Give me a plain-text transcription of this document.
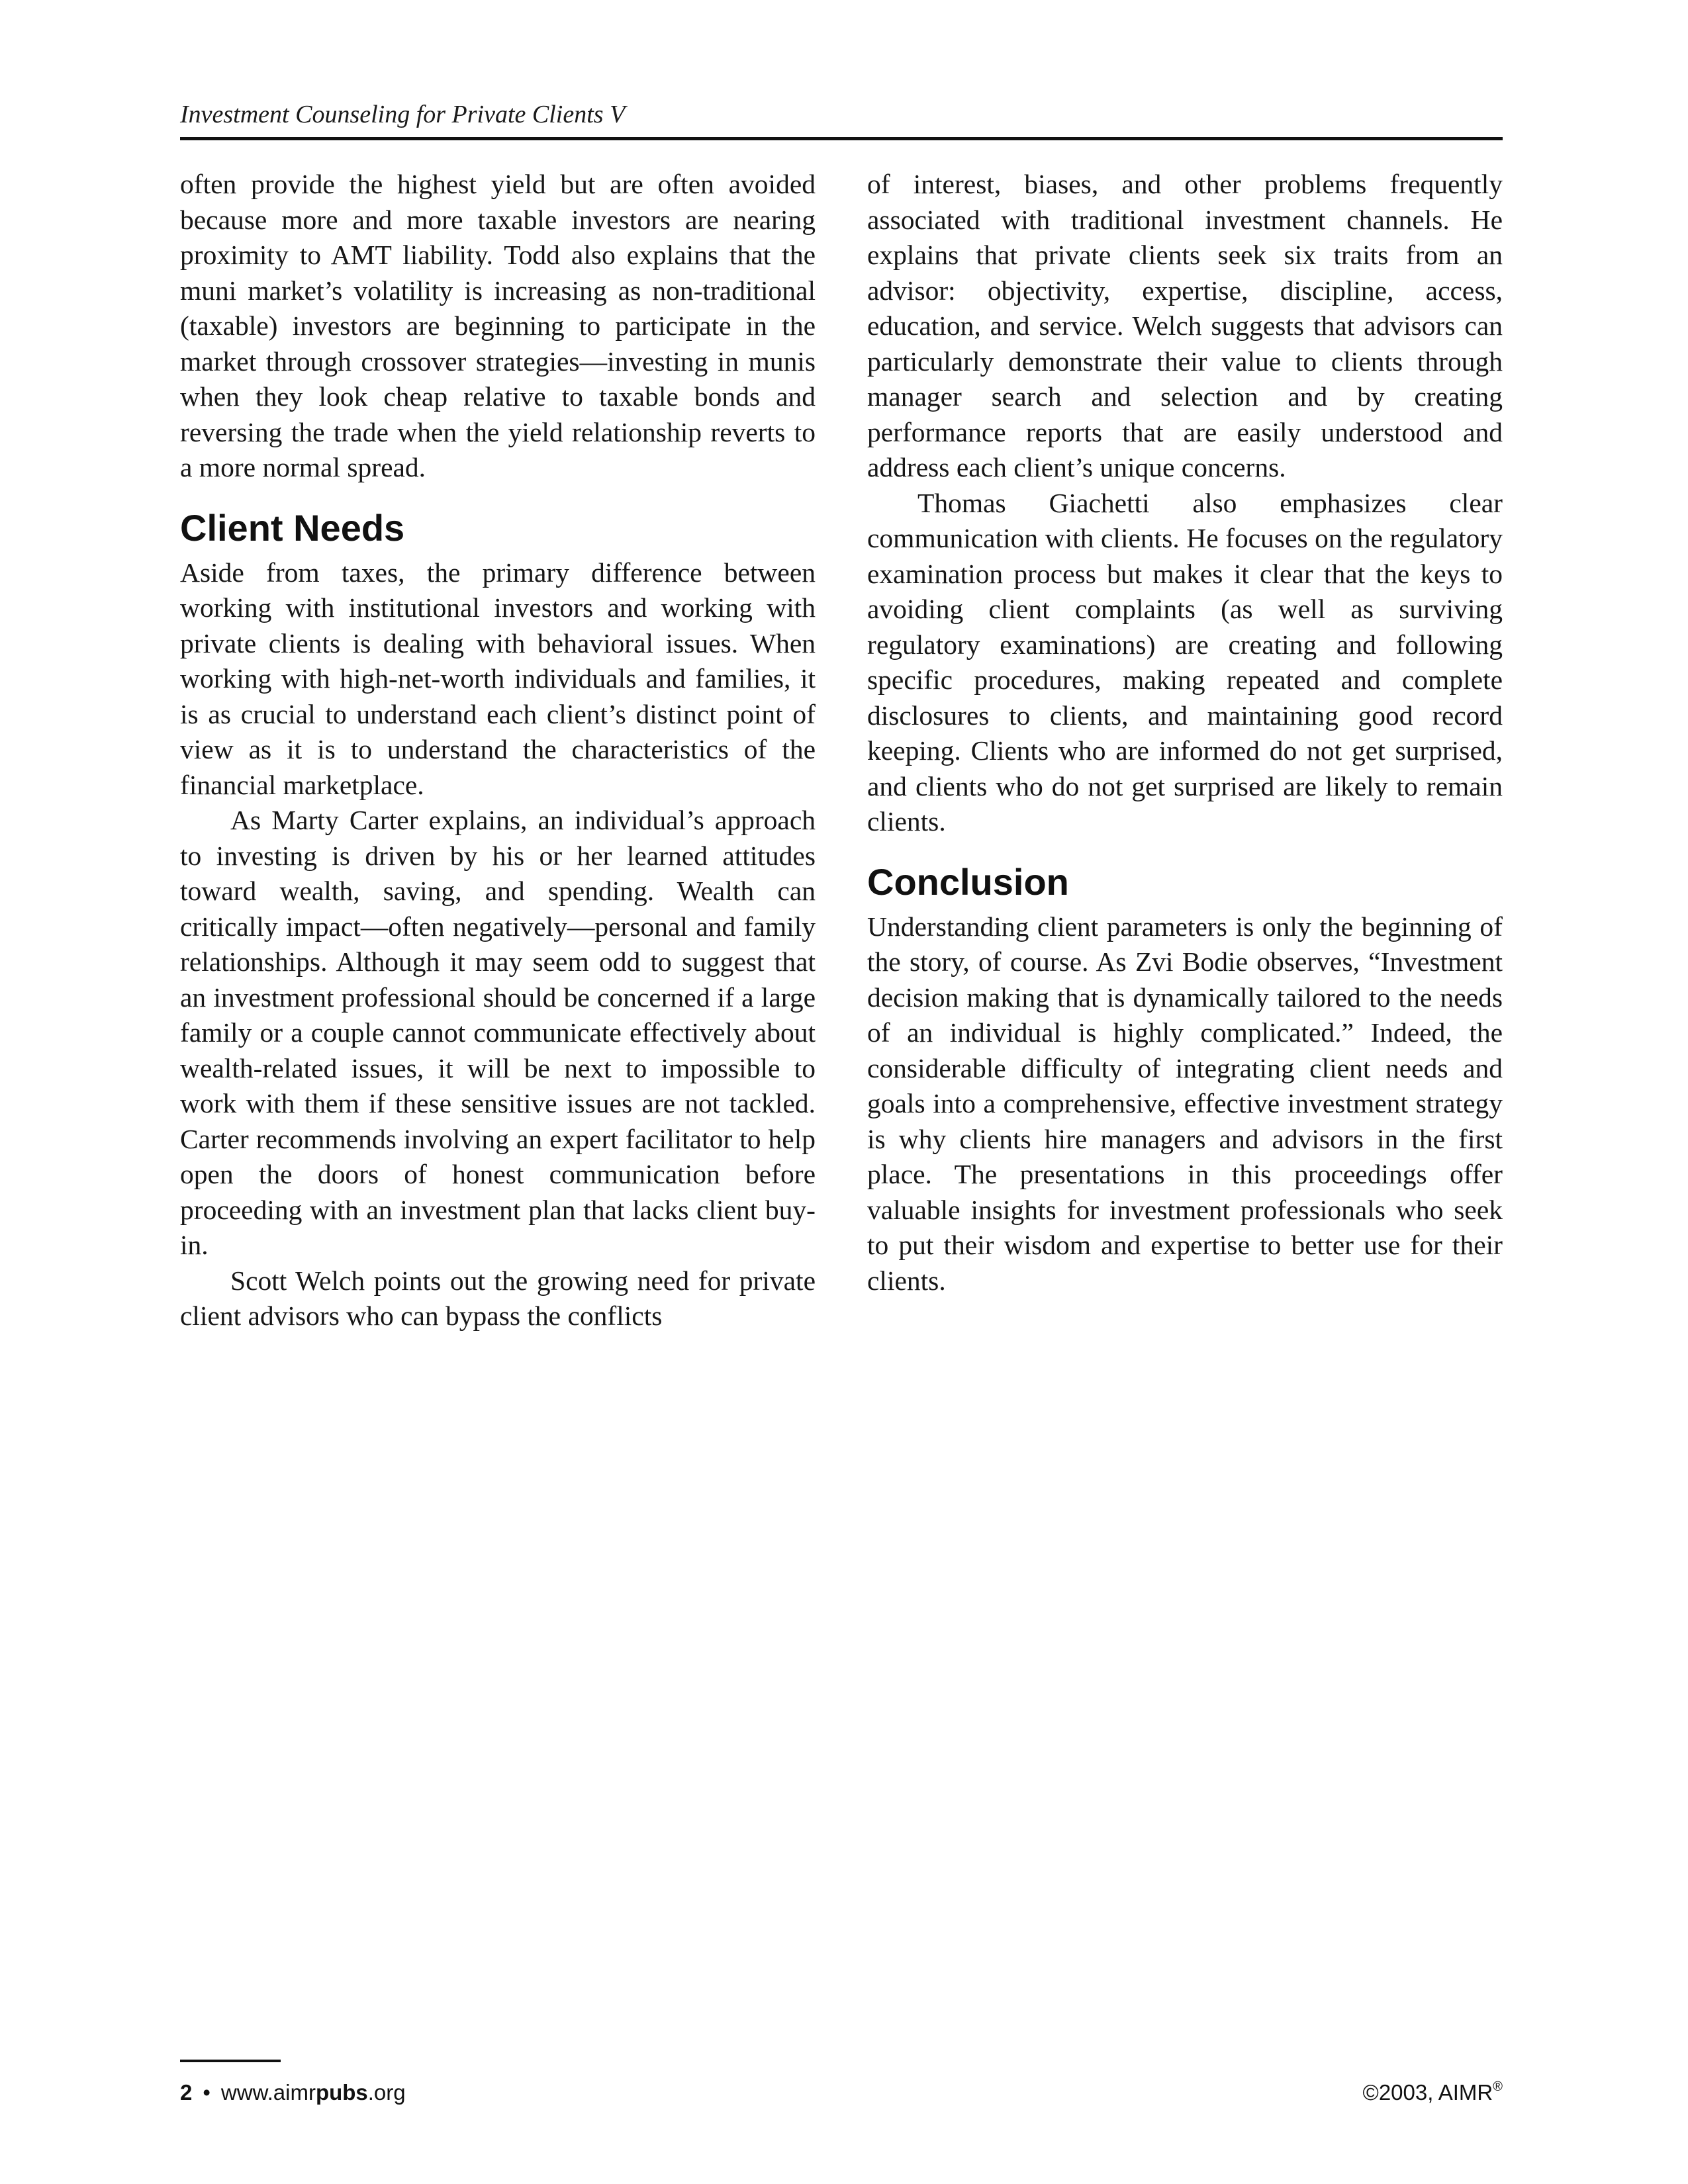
Investment Counseling for Private Clients V

often provide the highest yield but are often avoided because more and more taxable investors are nearing proximity to AMT liability. Todd also explains that the muni market’s volatility is increasing as non-traditional (taxable) investors are beginning to participate in the market through crossover strategies—investing in munis when they look cheap relative to taxable bonds and reversing the trade when the yield relationship reverts to a more normal spread.

Client Needs

Aside from taxes, the primary difference between working with institutional investors and working with private clients is dealing with behavioral issues. When working with high-net-worth individuals and families, it is as crucial to understand each client’s distinct point of view as it is to understand the characteristics of the financial marketplace.

As Marty Carter explains, an individual’s approach to investing is driven by his or her learned attitudes toward wealth, saving, and spending. Wealth can critically impact—often negatively—personal and family relationships. Although it may seem odd to suggest that an investment professional should be concerned if a large family or a couple cannot communicate effectively about wealth-related issues, it will be next to impossible to work with them if these sensitive issues are not tackled. Carter recommends involving an expert facilitator to help open the doors of honest communication before proceeding with an investment plan that lacks client buy-in.

Scott Welch points out the growing need for private client advisors who can bypass the conflicts

of interest, biases, and other problems frequently associated with traditional investment channels. He explains that private clients seek six traits from an advisor: objectivity, expertise, discipline, access, education, and service. Welch suggests that advisors can particularly demonstrate their value to clients through manager search and selection and by creating performance reports that are easily understood and address each client’s unique concerns.

Thomas Giachetti also emphasizes clear communication with clients. He focuses on the regulatory examination process but makes it clear that the keys to avoiding client complaints (as well as surviving regulatory examinations) are creating and following specific procedures, making repeated and complete disclosures to clients, and maintaining good record keeping. Clients who are informed do not get surprised, and clients who do not get surprised are likely to remain clients.

Conclusion

Understanding client parameters is only the beginning of the story, of course. As Zvi Bodie observes, “Investment decision making that is dynamically tailored to the needs of an individual is highly complicated.” Indeed, the considerable difficulty of integrating client needs and goals into a comprehensive, effective investment strategy is why clients hire managers and advisors in the first place. The presentations in this proceedings offer valuable insights for investment professionals who seek to put their wisdom and expertise to better use for their clients.

2 • www.aimrpubs.org	©2003, AIMR®
